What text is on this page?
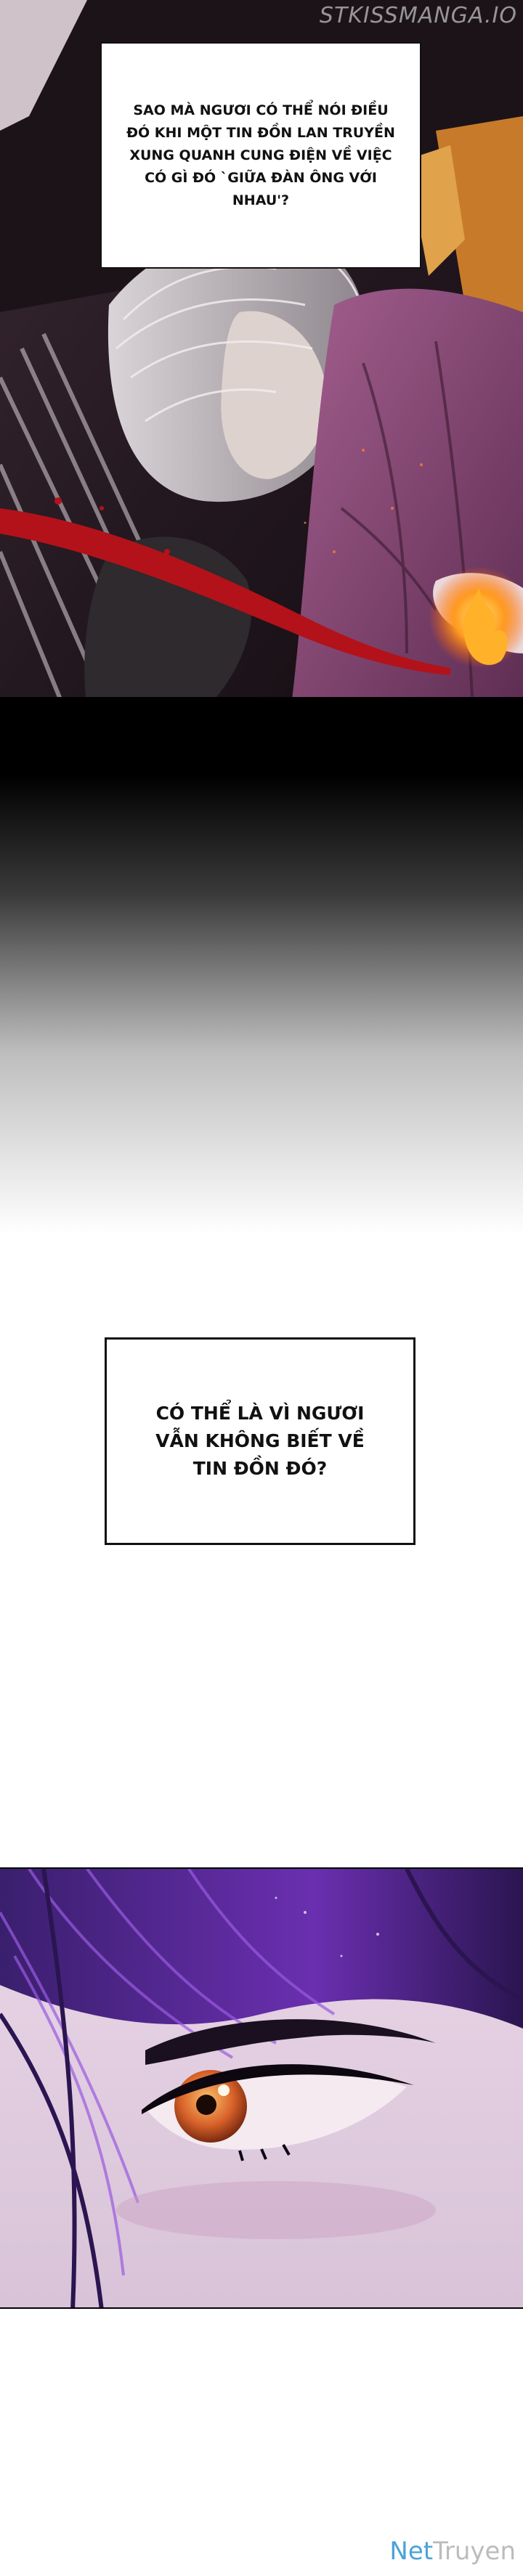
STKISSMANGA.IO
SAO MÀ NGƯƠI CÓ THỂ NÓI ĐIỀU ĐÓ KHI MỘT TIN ĐỒN LAN TRUYỀN XUNG QUANH CUNG ĐIỆN VỀ VIỆC CÓ GÌ ĐÓ `GIỮA ĐÀN ÔNG VỚI NHAU'?
CÓ THỂ LÀ VÌ NGƯƠI VẪN KHÔNG BIẾT VỀ TIN ĐỒN ĐÓ?
NetTruyen
